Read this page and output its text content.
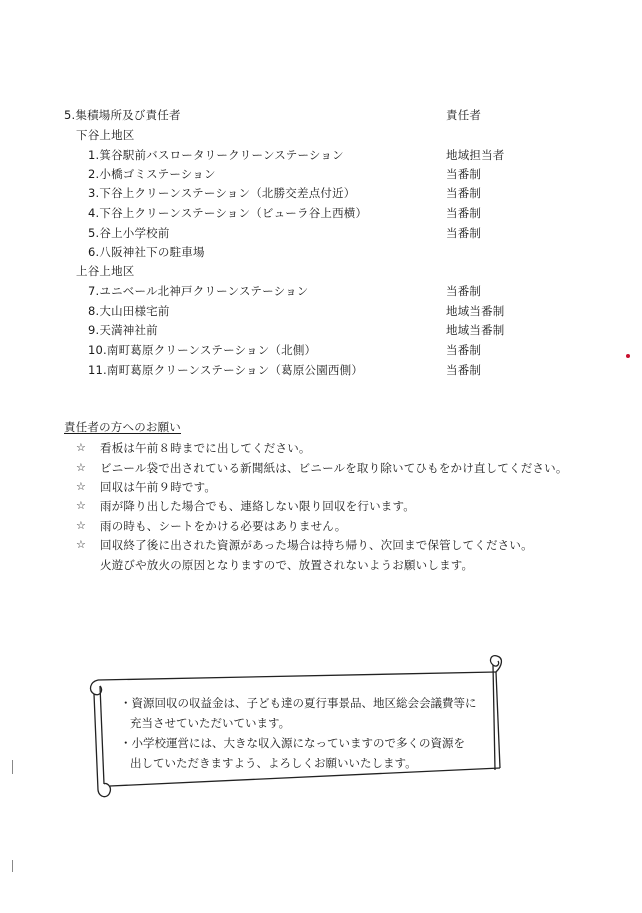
5.集積場所及び責任者	責任者
下谷上地区
1.箕谷駅前バスロータリークリーンステーション	地域担当者
2.小橋ゴミステーション	当番制
3.下谷上クリーンステーション（北勝交差点付近）	当番制
4.下谷上クリーンステーション（ビューラ谷上西横）	当番制
5.谷上小学校前	当番制
6.八阪神社下の駐車場
上谷上地区
7.ユニベール北神戸クリーンステーション	当番制
8.大山田様宅前	地域当番制
9.天満神社前	地域当番制
10.南町葛原クリーンステーション（北側）	当番制
11.南町葛原クリーンステーション（葛原公園西側）	当番制
責任者の方へのお願い
☆ 看板は午前８時までに出してください。
☆ ビニール袋で出されている新聞紙は、ビニールを取り除いてひもをかけ直してください。
☆ 回収は午前９時です。
☆ 雨が降り出した場合でも、連絡しない限り回収を行います。
☆ 雨の時も、シートをかける必要はありません。
☆ 回収終了後に出された資源があった場合は持ち帰り、次回まで保管してください。
火遊びや放火の原因となりますので、放置されないようお願いします。
・資源回収の収益金は、子ども達の夏行事景品、地区総会会議費等に
充当させていただいています。
・小学校運営には、大きな収入源になっていますので多くの資源を
出していただきますよう、よろしくお願いいたします。
